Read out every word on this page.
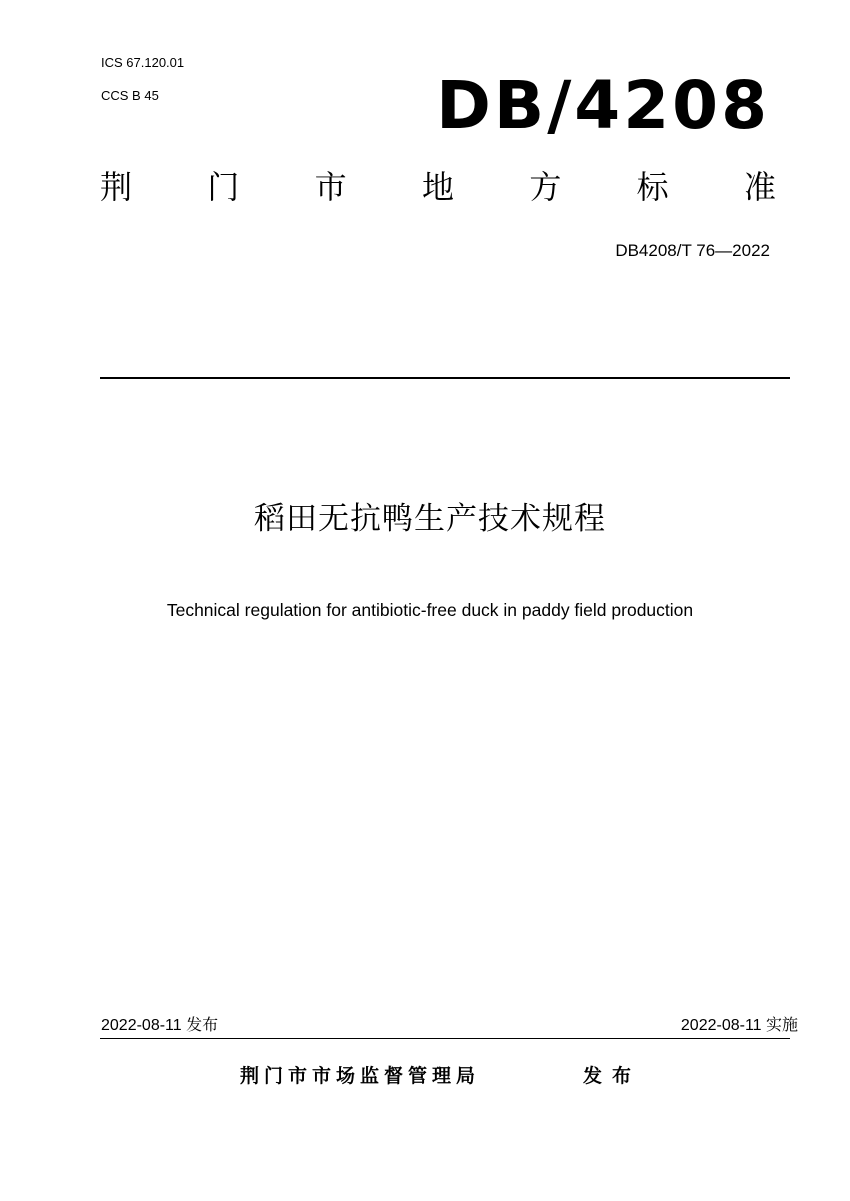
ICS 67.120.01
CCS B 45	DB/4208
荆 门 市 地 方 标 准
DB4208/T 76—2022
稻田无抗鸭生产技术规程
Technical regulation for antibiotic-free duck in paddy field production
2022-08-11 发布	2022-08-11 实施
荆门市市场监督管理局	发布
